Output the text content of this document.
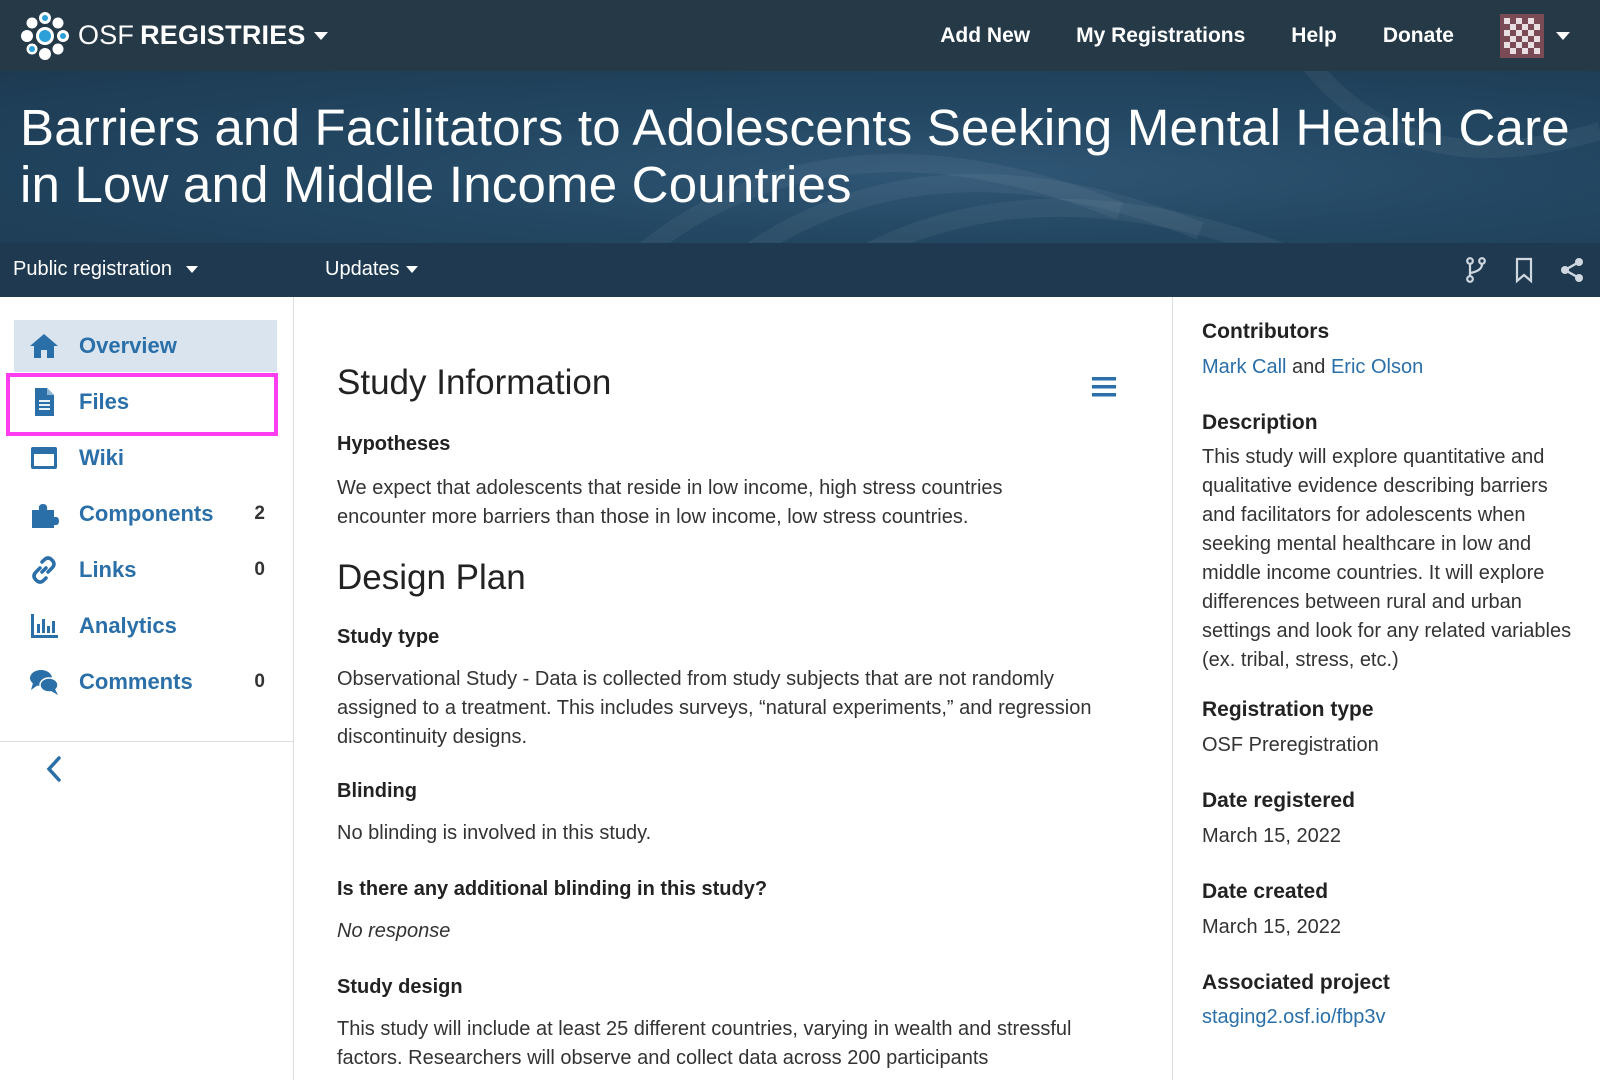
OSF REGISTRIES	Add New My Registrations Help Donate
Barriers and Facilitators to Adolescents Seeking Mental Health Care in Low and Middle Income Countries
Public registration	Updates
Overview
Files
Wiki
Components 2
Links	0
Analytics
Comments	0
Study Information
Hypotheses

We expect that adolescents that reside in low income, high stress countries encounter more barriers than those in low income, low stress countries.

Design Plan
Study type

Observational Study - Data is collected from study subjects that are not randomly assigned to a treatment. This includes surveys, “natural experiments,” and regression discontinuity designs.

Blinding

No blinding is involved in this study.

Is there any additional blinding in this study?

No response

Study design

This study will include at least 25 different countries, varying in wealth and stressful factors. Researchers will observe and collect data across 200 participants

Contributors
Mark Call and Eric Olson
Description
This study will explore quantitative and qualitative evidence describing barriers and facilitators for adolescents when seeking mental healthcare in low and middle income countries. It will explore differences between rural and urban settings and look for any related variables (ex. tribal, stress, etc.)
Registration type
OSF Preregistration
Date registered
March 15, 2022
Date created
March 15, 2022
Associated project
staging2.osf.io/fbp3v
